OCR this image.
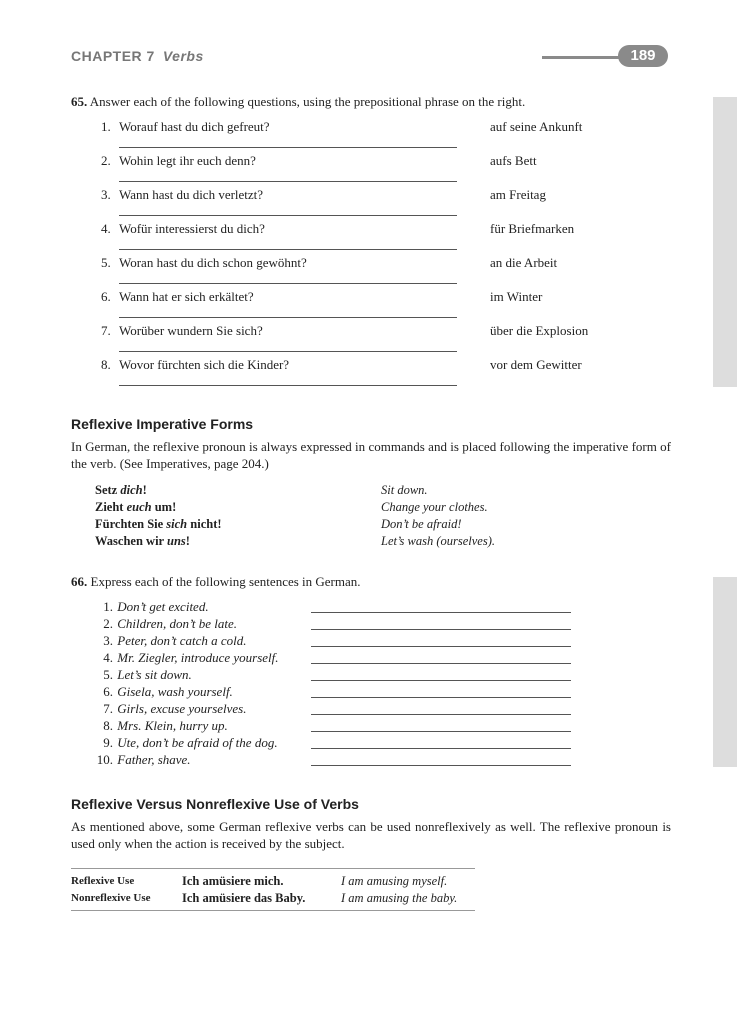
CHAPTER 7 Verbs	189
65. Answer each of the following questions, using the prepositional phrase on the right.
1. Worauf hast du dich gefreut?	auf seine Ankunft
2. Wohin legt ihr euch denn?	aufs Bett
3. Wann hast du dich verletzt?	am Freitag
4. Wofür interessierst du dich?	für Briefmarken
5. Woran hast du dich schon gewöhnt?	an die Arbeit
6. Wann hat er sich erkältet?	im Winter
7. Worüber wundern Sie sich?	über die Explosion
8. Wovor fürchten sich die Kinder?	vor dem Gewitter
Reflexive Imperative Forms
In German, the reflexive pronoun is always expressed in commands and is placed following the imperative form of the verb. (See Imperatives, page 204.)
Setz dich!	Sit down.
Zieht euch um!	Change your clothes.
Fürchten Sie sich nicht!	Don’t be afraid!
Waschen wir uns!	Let’s wash (ourselves).
66. Express each of the following sentences in German.
1. Don’t get excited.
2. Children, don’t be late.
3. Peter, don’t catch a cold.
4. Mr. Ziegler, introduce yourself.
5. Let’s sit down.
6. Gisela, wash yourself.
7. Girls, excuse yourselves.
8. Mrs. Klein, hurry up.
9. Ute, don’t be afraid of the dog.
10. Father, shave.
Reflexive Versus Nonreflexive Use of Verbs
As mentioned above, some German reflexive verbs can be used nonreflexively as well. The reflexive pronoun is used only when the action is received by the subject.
Reflexive Use	Ich amüsiere mich.	I am amusing myself.
Nonreflexive Use	Ich amüsiere das Baby.	I am amusing the baby.
